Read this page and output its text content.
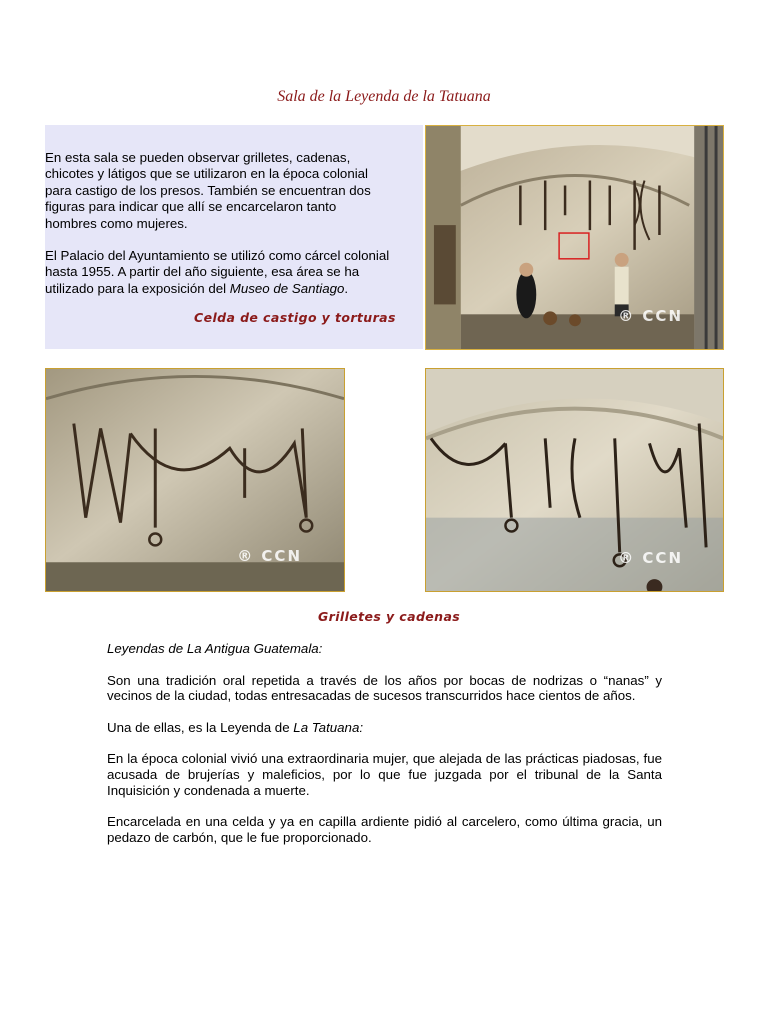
Sala de la Leyenda de la Tatuana

En esta sala se pueden observar grilletes, cadenas, chicotes y látigos que se utilizaron en la época colonial para castigo de los presos. También se encuentran dos figuras para indicar que allí se encarcelaron tanto hombres como mujeres.

El Palacio del Ayuntamiento se utilizó como cárcel colonial hasta 1955. A partir del año siguiente, esa área se ha utilizado para la exposición del Museo de Santiago.

Celda de castigo y torturas	® CCN
® CCN	® CCN
Grilletes y cadenas

Leyendas de La Antigua Guatemala:

Son una tradición oral repetida a través de los años por bocas de nodrizas o “nanas” y vecinos de la ciudad, todas entresacadas de sucesos transcurridos hace cientos de años.

Una de ellas, es la Leyenda de La Tatuana:

En la época colonial vivió una extraordinaria mujer, que alejada de las prácticas piadosas, fue acusada de brujerías y maleficios, por lo que fue juzgada por el tribunal de la Santa Inquisición y condenada a muerte.

Encarcelada en una celda y ya en capilla ardiente pidió al carcelero, como última gracia, un pedazo de carbón, que le fue proporcionado.
